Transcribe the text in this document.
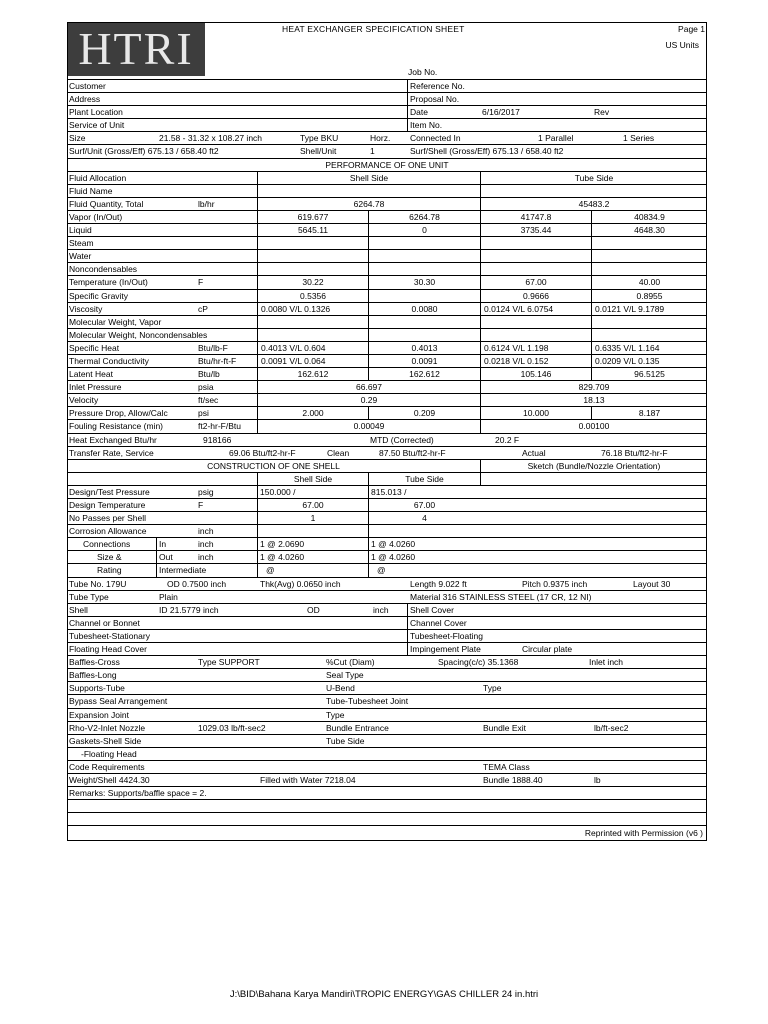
HTRI	HEAT EXCHANGER SPECIFICATION SHEET	Page 1
US Units
Job No.
Customer	Reference No.
Address	Proposal No.
Plant Location	Date	6/16/2017	Rev
Service of Unit	Item No.
Size	21.58 - 31.32 x 108.27 inch	Type BKU	Horz. Connected In	1 Parallel	1 Series
Surf/Unit (Gross/Eff) 675.13 / 658.40 ft2	Shell/Unit	1	Surf/Shell (Gross/Eff) 675.13 / 658.40 ft2
PERFORMANCE OF ONE UNIT
Fluid Allocation	Shell Side	Tube Side
Fluid Name
Fluid Quantity, Total	lb/hr	6264.78	45483.2
Vapor (In/Out)	619.677	6264.78	41747.8	40834.9
Liquid	5645.11	0	3735.44	4648.30
Steam
Water
Noncondensables
Temperature (In/Out)	F	30.22	30.30	67.00	40.00
Specific Gravity	0.5356	0.9666	0.8955
Viscosity	cP	0.0080 V/L 0.1326	0.0080	0.0124 V/L 6.0754	0.0121 V/L 9.1789
Molecular Weight, Vapor
Molecular Weight, Noncondensables
Specific Heat	Btu/lb-F	0.4013 V/L 0.604	0.4013	0.6124 V/L 1.198	0.6335 V/L 1.164
Thermal Conductivity	Btu/hr-ft-F	0.0091 V/L 0.064	0.0091	0.0218 V/L 0.152	0.0209 V/L 0.135
Latent Heat	Btu/lb	162.612	162.612	105.146	96.5125
Inlet Pressure	psia	66.697	829.709
Velocity	ft/sec	0.29	18.13
Pressure Drop, Allow/Calc	psi	2.000	0.209	10.000	8.187
Fouling Resistance (min)	ft2-hr-F/Btu	0.00049	0.00100
Heat Exchanged Btu/hr	918166	MTD (Corrected)	20.2 F
Transfer Rate, Service	69.06 Btu/ft2-hr-F	Clean	87.50 Btu/ft2-hr-F	Actual	76.18 Btu/ft2-hr-F
CONSTRUCTION OF ONE SHELL	Sketch (Bundle/Nozzle Orientation)
Shell Side	Tube Side
Design/Test Pressure	psig	150.000 /	815.013 /
Design Temperature	F	67.00	67.00
No Passes per Shell	1	4
Corrosion Allowance	inch
Connections	In	inch	1 @ 2.0690	1 @ 4.0260
Size &	Out	inch	1 @ 4.0260	1 @ 4.0260
Rating	Intermediate	@	@
Tube No. 179U	OD 0.7500 inch	Thk(Avg) 0.0650 inch	Length 9.022 ft	Pitch 0.9375 inch	Layout 30
Tube Type	Plain	Material 316 STAINLESS STEEL (17 CR, 12 NI)
Shell	ID 21.5779 inch	OD	inch	Shell Cover
Channel or Bonnet	Channel Cover
Tubesheet-Stationary	Tubesheet-Floating
Floating Head Cover	Impingement Plate	Circular plate
Baffles-Cross	Type SUPPORT	%Cut (Diam)	Spacing(c/c) 35.1368	Inlet inch
Baffles-Long	Seal Type
Supports-Tube	U-Bend	Type
Bypass Seal Arrangement	Tube-Tubesheet Joint
Expansion Joint	Type
Rho-V2-Inlet Nozzle	1029.03 lb/ft-sec2	Bundle Entrance	Bundle Exit	lb/ft-sec2
Gaskets-Shell Side	Tube Side
-Floating Head
Code Requirements	TEMA Class
Weight/Shell 4424.30	Filled with Water 7218.04	Bundle 1888.40	lb
Remarks: Supports/baffle space = 2.
Reprinted with Permission (v6 )
J:\BID\Bahana Karya Mandiri\TROPIC ENERGY\GAS CHILLER 24 in.htri
